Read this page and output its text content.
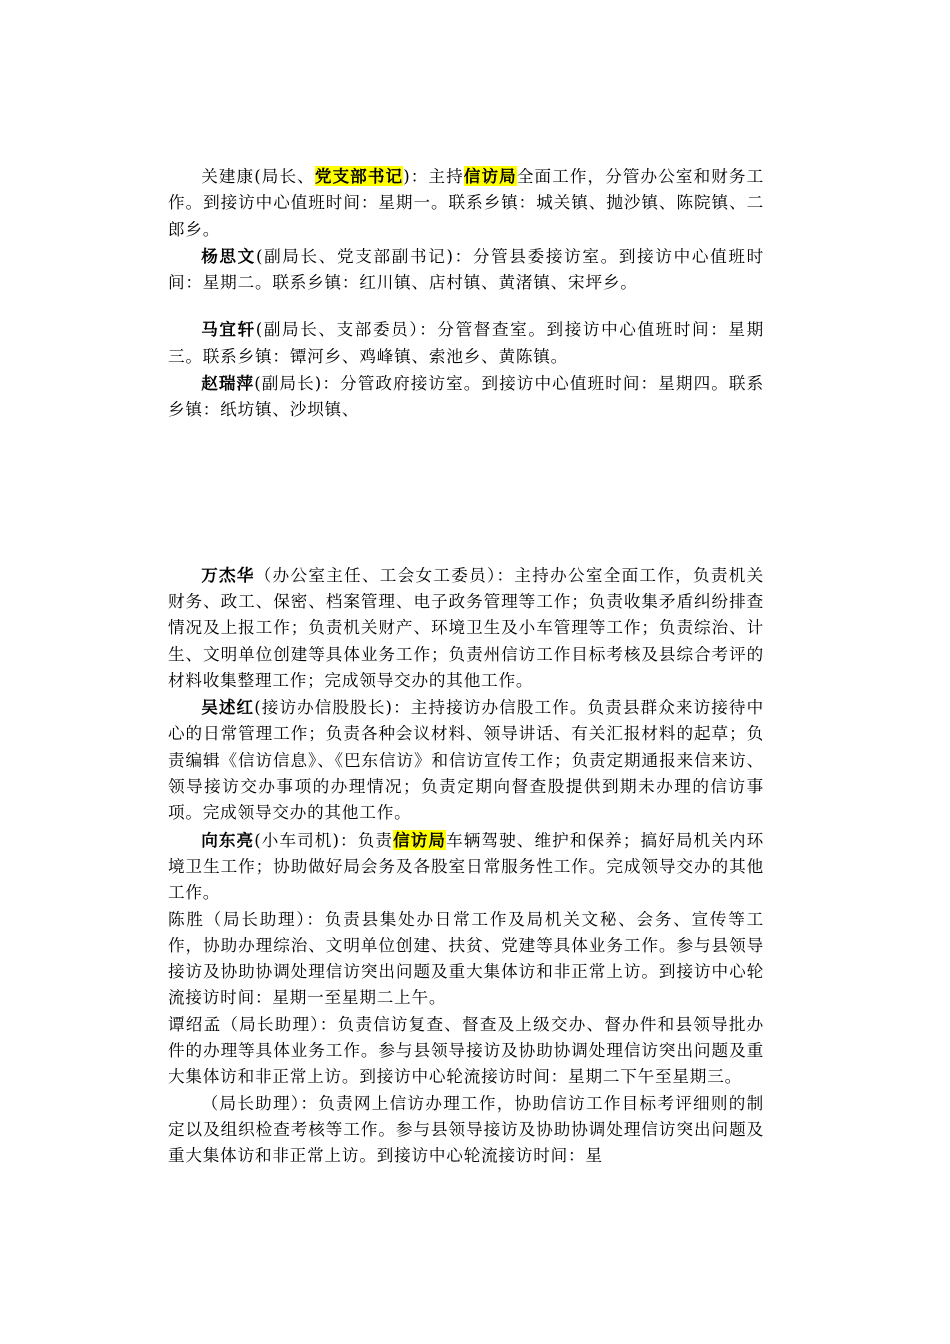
关建康(局长、党支部书记)：主持信访局全面工作，分管办公室和财务工作。到接访中心值班时间：星期一。联系乡镇：城关镇、抛沙镇、陈院镇、二郎乡。

杨思文(副局长、党支部副书记)：分管县委接访室。到接访中心值班时间：星期二。联系乡镇：红川镇、店村镇、黄渚镇、宋坪乡。

马宜轩(副局长、支部委员）：分管督查室。到接访中心值班时间：星期三。联系乡镇：镡河乡、鸡峰镇、索池乡、黄陈镇。

赵瑞萍(副局长)：分管政府接访室。到接访中心值班时间：星期四。联系乡镇：纸坊镇、沙坝镇、

万杰华（办公室主任、工会女工委员）：主持办公室全面工作，负责机关财务、政工、保密、档案管理、电子政务管理等工作；负责收集矛盾纠纷排查情况及上报工作；负责机关财产、环境卫生及小车管理等工作；负责综治、计生、文明单位创建等具体业务工作；负责州信访工作目标考核及县综合考评的材料收集整理工作；完成领导交办的其他工作。

吴述红(接访办信股股长)：主持接访办信股工作。负责县群众来访接待中心的日常管理工作；负责各种会议材料、领导讲话、有关汇报材料的起草；负责编辑《信访信息》、《巴东信访》和信访宣传工作；负责定期通报来信来访、领导接访交办事项的办理情况；负责定期向督查股提供到期未办理的信访事项。完成领导交办的其他工作。

向东亮(小车司机)：负责信访局车辆驾驶、维护和保养；搞好局机关内环境卫生工作；协助做好局会务及各股室日常服务性工作。完成领导交办的其他工作。

陈胜（局长助理）：负责县集处办日常工作及局机关文秘、会务、宣传等工作，协助办理综治、文明单位创建、扶贫、党建等具体业务工作。参与县领导接访及协助协调处理信访突出问题及重大集体访和非正常上访。到接访中心轮流接访时间：星期一至星期二上午。

谭绍孟（局长助理）：负责信访复查、督查及上级交办、督办件和县领导批办件的办理等具体业务工作。参与县领导接访及协助协调处理信访突出问题及重大集体访和非正常上访。到接访中心轮流接访时间：星期二下午至星期三。

（局长助理）：负责网上信访办理工作，协助信访工作目标考评细则的制定以及组织检查考核等工作。参与县领导接访及协助协调处理信访突出问题及重大集体访和非正常上访。到接访中心轮流接访时间：星
